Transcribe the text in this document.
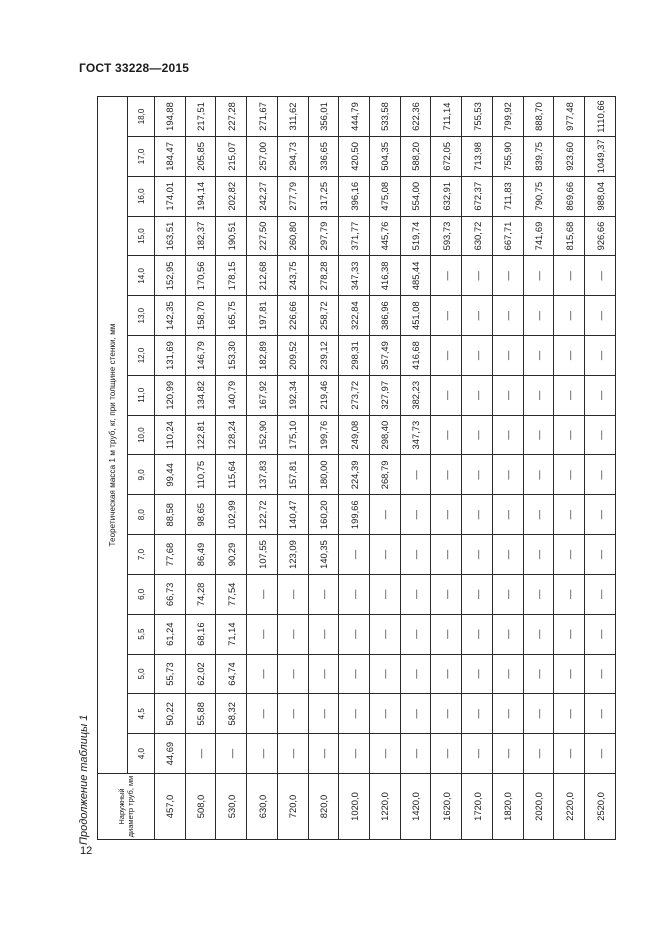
ГОСТ 33228—2015
Продолжение таблицы 1
12
Наружный диаметр труб, мм	Теоретическая масса 1 м труб, кг, при толщине стенки, мм																
	4,0	4,5	5,0	5,5	6,0	7,0	8,0	9,0	10,0	11,0	12,0	13,0	14,0	15,0	16,0	17,0	18,0
457,0	44,69	50,22	55,73	61,24	66,73	77,68	88,58	99,44	110,24	120,99	131,69	142,35	152,95	163,51	174,01	184,47	194,88
508,0	—	55,88	62,02	68,16	74,28	86,49	98,65	110,75	122,81	134,82	146,79	158,70	170,56	182,37	194,14	205,85	217,51
530,0	—	58,32	64,74	71,14	77,54	90,29	102,99	115,64	128,24	140,79	153,30	165,75	178,15	190,51	202,82	215,07	227,28
630,0	—	—	—	—	—	107,55	122,72	137,83	152,90	167,92	182,89	197,81	212,68	227,50	242,27	257,00	271,67
720,0	—	—	—	—	—	123,09	140,47	157,81	175,10	192,34	209,52	226,66	243,75	260,80	277,79	294,73	311,62
820,0	—	—	—	—	—	140,35	160,20	180,00	199,76	219,46	239,12	258,72	278,28	297,79	317,25	336,65	356,01
1020,0	—	—	—	—	—	—	199,66	224,39	249,08	273,72	298,31	322,84	347,33	371,77	396,16	420,50	444,79
1220,0	—	—	—	—	—	—	—	268,79	298,40	327,97	357,49	386,96	416,38	445,76	475,08	504,35	533,58
1420,0	—	—	—	—	—	—	—	—	347,73	382,23	416,68	451,08	485,44	519,74	554,00	588,20	622,36
1620,0	—	—	—	—	—	—	—	—	—	—	—	—	—	593,73	632,91	672,05	711,14
1720,0	—	—	—	—	—	—	—	—	—	—	—	—	—	630,72	672,37	713,98	755,53
1820,0	—	—	—	—	—	—	—	—	—	—	—	—	—	667,71	711,83	755,90	799,92
2020,0	—	—	—	—	—	—	—	—	—	—	—	—	—	741,69	790,75	839,75	888,70
2220,0	—	—	—	—	—	—	—	—	—	—	—	—	—	815,68	869,66	923,60	977,48
2520,0	—	—	—	—	—	—	—	—	—	—	—	—	—	926,66	988,04	1049,37	1110,66
